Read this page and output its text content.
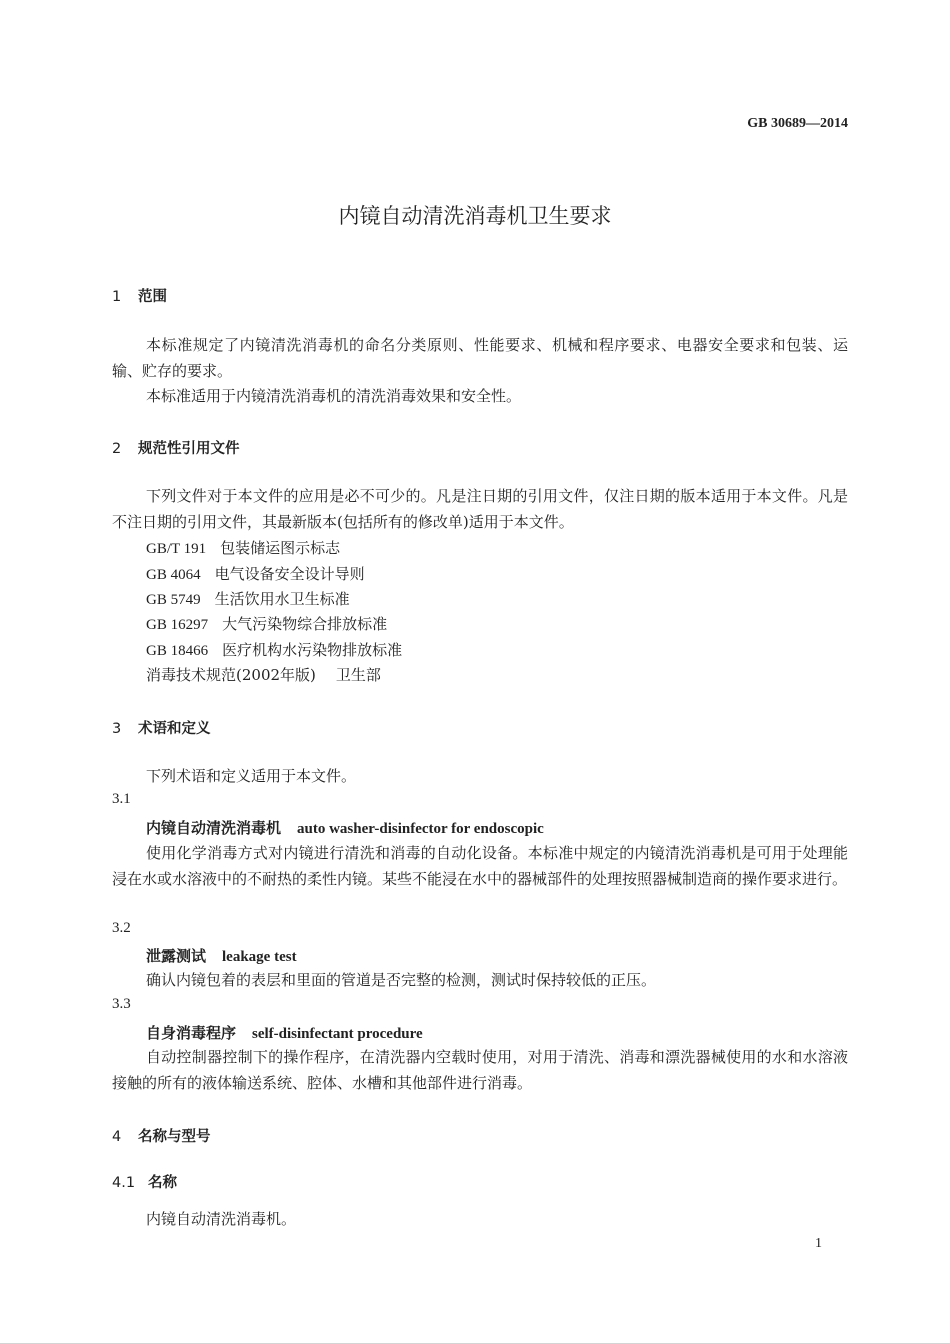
GB 30689—2014
内镜自动清洗消毒机卫生要求
1 范围
本标准规定了内镜清洗消毒机的命名分类原则、性能要求、机械和程序要求、电器安全要求和包装、运输、贮存的要求。
本标准适用于内镜清洗消毒机的清洗消毒效果和安全性。
2 规范性引用文件
下列文件对于本文件的应用是必不可少的。凡是注日期的引用文件，仅注日期的版本适用于本文件。凡是不注日期的引用文件，其最新版本(包括所有的修改单)适用于本文件。
GB/T 191 包装储运图示标志
GB 4064 电气设备安全设计导则
GB 5749 生活饮用水卫生标准
GB 16297 大气污染物综合排放标准
GB 18466 医疗机构水污染物排放标准
消毒技术规范(2002年版) 卫生部
3 术语和定义
下列术语和定义适用于本文件。
3.1
内镜自动清洗消毒机 auto washer-disinfector for endoscopic
使用化学消毒方式对内镜进行清洗和消毒的自动化设备。本标准中规定的内镜清洗消毒机是可用于处理能浸在水或水溶液中的不耐热的柔性内镜。某些不能浸在水中的器械部件的处理按照器械制造商的操作要求进行。
3.2
泄露测试 leakage test
确认内镜包着的表层和里面的管道是否完整的检测，测试时保持较低的正压。
3.3
自身消毒程序 self-disinfectant procedure
自动控制器控制下的操作程序，在清洗器内空载时使用，对用于清洗、消毒和漂洗器械使用的水和水溶液接触的所有的液体输送系统、腔体、水槽和其他部件进行消毒。
4 名称与型号
4.1 名称
内镜自动清洗消毒机。
1
